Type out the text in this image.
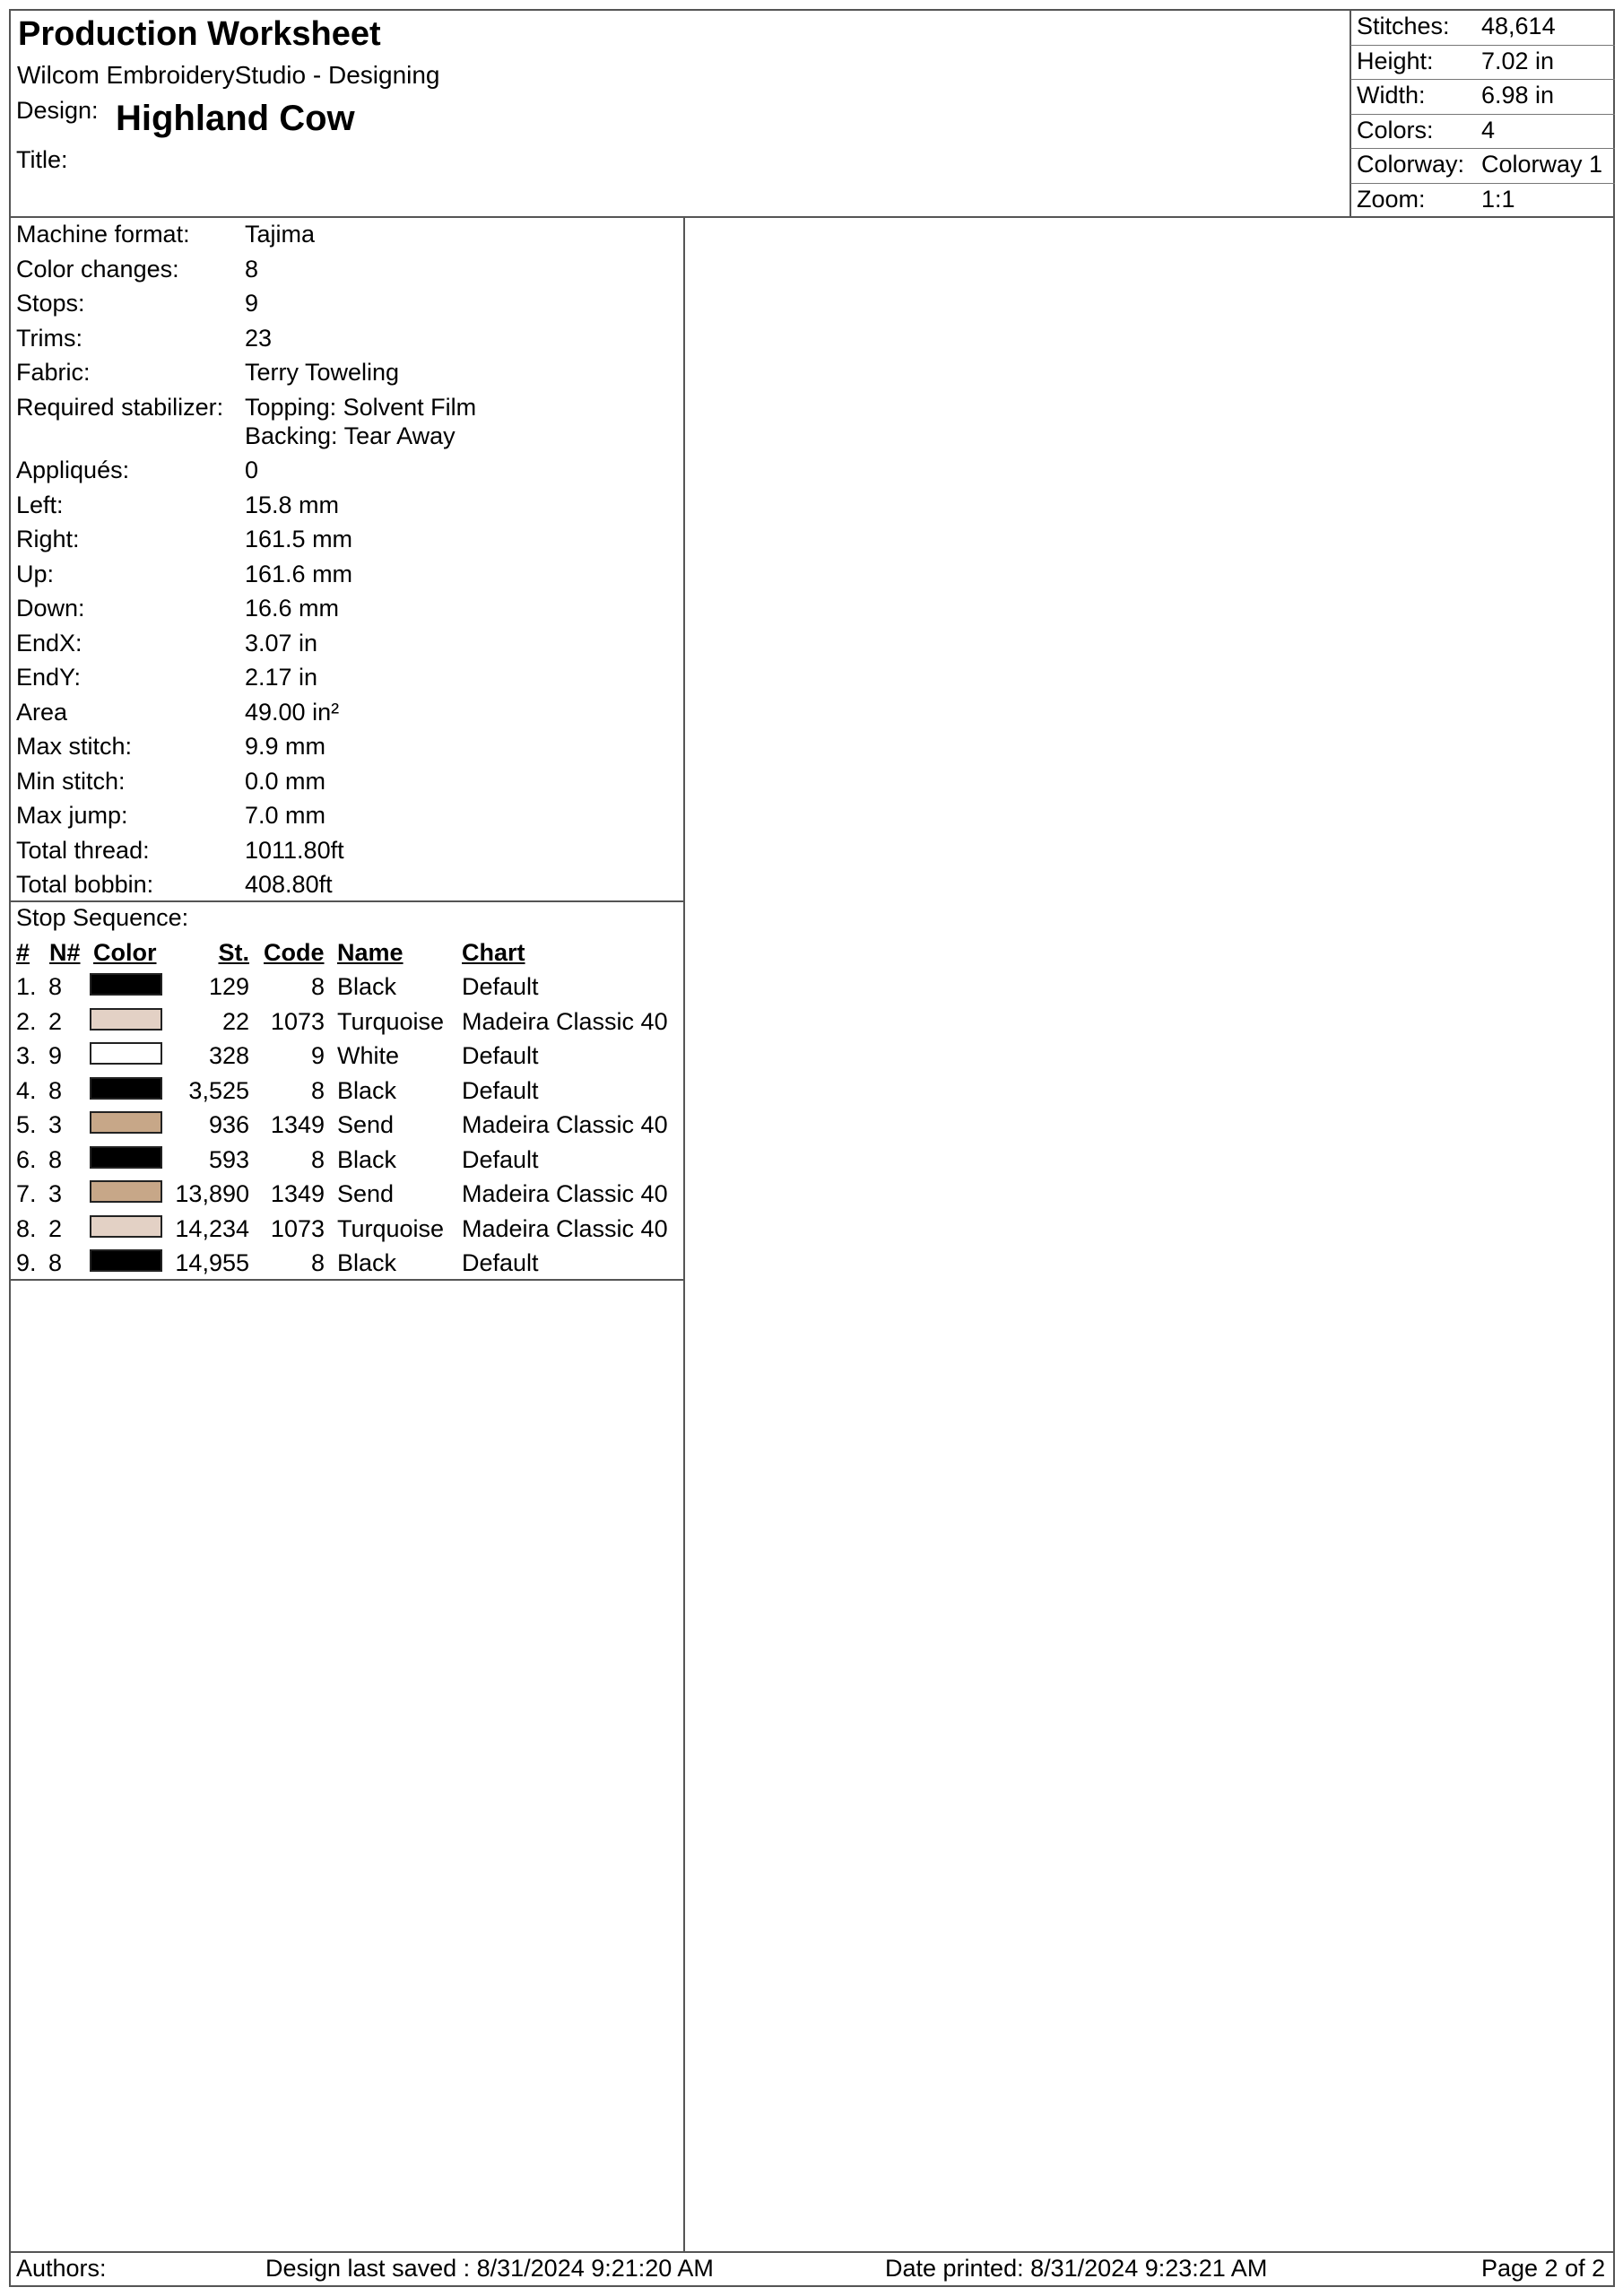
Production Worksheet
Wilcom EmbroideryStudio - Designing
Design: Highland Cow
Title:
Stitches: 48,614
Height: 7.02 in
Width: 6.98 in
Colors: 4
Colorway: Colorway 1
Zoom: 1:1
Machine format: Tajima
Color changes:	8
Stops:	9
Trims:	23
Fabric:	Terry Toweling
Required stabilizer: Topping: Solvent Film
Backing: Tear Away
Appliqués:	0
Left:	15.8 mm
Right:	161.5 mm
Up:	161.6 mm
Down:	16.6 mm
EndX:	3.07 in
EndY:	2.17 in
Area	49.00 in²
Max stitch:	9.9 mm
Min stitch:	0.0 mm
Max jump:	7.0 mm
Total thread:	1011.80ft
Total bobbin:	408.80ft
Stop Sequence:
# N# Color	St. Code Name Chart
1. 8	129	8 Black	Default
2. 2	22 1073 Turquoise Madeira Classic 40
3. 9	328	9 White	Default
4. 8	3,525	8 Black	Default
5. 3	936 1349 Send	Madeira Classic 40
6. 8	593	8 Black	Default
7. 3	13,890 1349 Send	Madeira Classic 40
8. 2	14,234 1073 Turquoise Madeira Classic 40
9. 8	14,955	8 Black	Default
Authors:	Design last saved : 8/31/2024 9:21:20 AM	Date printed: 8/31/2024 9:23:21 AM	Page 2 of 2
